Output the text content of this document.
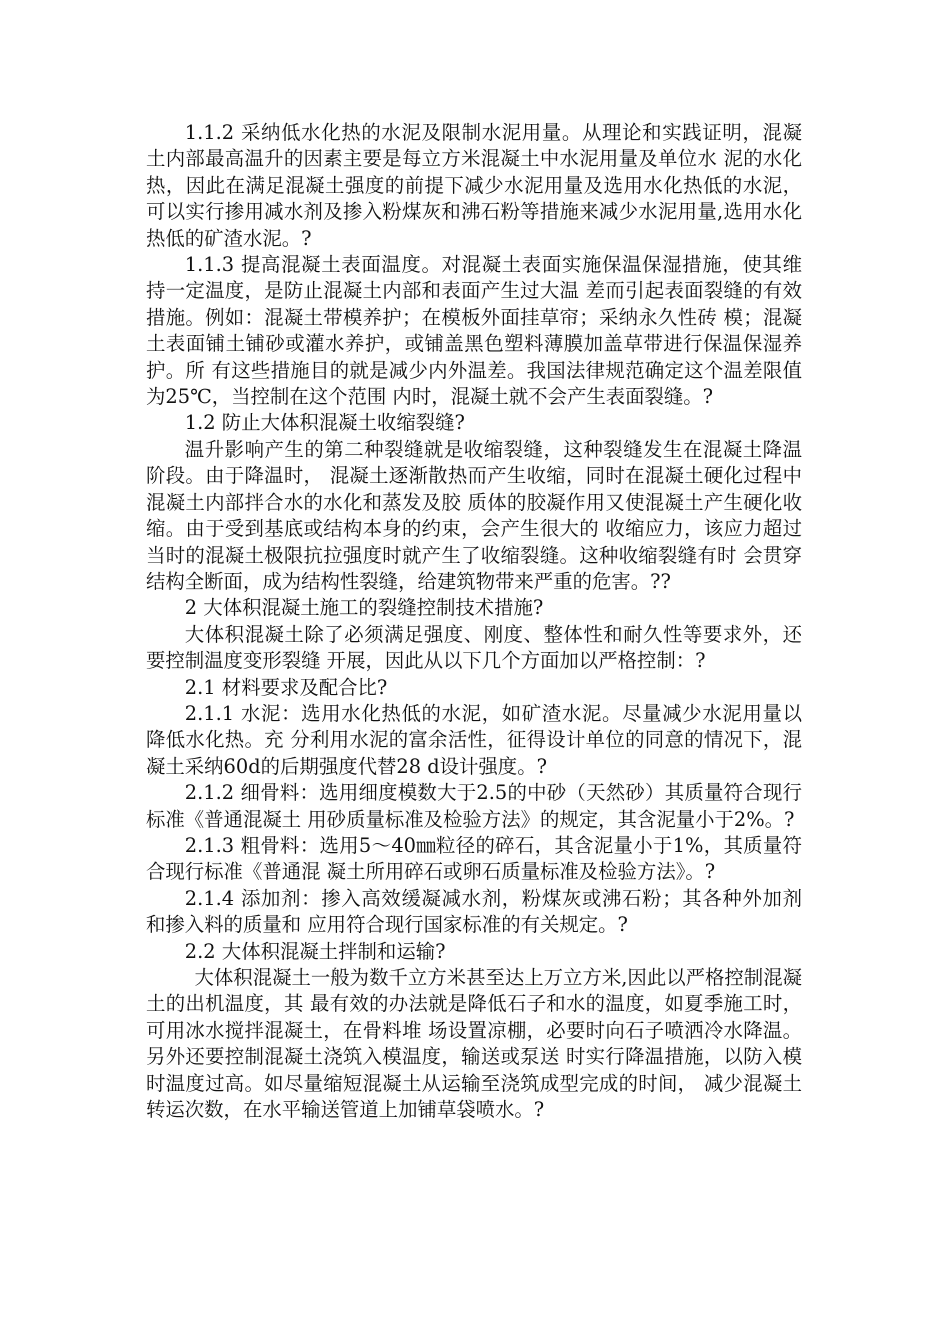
1.1.2 采纳低水化热的水泥及限制水泥用量。从理论和实践证明，混凝土内部最高温升的因素主要是每立方米混凝土中水泥用量及单位水 泥的水化热，因此在满足混凝土强度的前提下减少水泥用量及选用水化热低的水泥，可以实行掺用减水剂及掺入粉煤灰和沸石粉等措施来减少水泥用量,选用水化热低的矿渣水泥。?

1.1.3 提高混凝土表面温度。对混凝土表面实施保温保湿措施，使其维持一定温度，是防止混凝土内部和表面产生过大温 差而引起表面裂缝的有效措施。例如：混凝土带模养护；在模板外面挂草帘；采纳永久性砖 模；混凝土表面铺土铺砂或灌水养护，或铺盖黑色塑料薄膜加盖草带进行保温保湿养护。所 有这些措施目的就是减少内外温差。我国法律规范确定这个温差限值为25℃，当控制在这个范围 内时，混凝土就不会产生表面裂缝。?

1.2 防止大体积混凝土收缩裂缝?

温升影响产生的第二种裂缝就是收缩裂缝，这种裂缝发生在混凝土降温阶段。由于降温时， 混凝土逐渐散热而产生收缩，同时在混凝土硬化过程中混凝土内部拌合水的水化和蒸发及胶 质体的胶凝作用又使混凝土产生硬化收缩。由于受到基底或结构本身的约束，会产生很大的 收缩应力，该应力超过当时的混凝土极限抗拉强度时就产生了收缩裂缝。这种收缩裂缝有时 会贯穿结构全断面，成为结构性裂缝，给建筑物带来严重的危害。??

2 大体积混凝土施工的裂缝控制技术措施?

大体积混凝土除了必须满足强度、刚度、整体性和耐久性等要求外，还要控制温度变形裂缝 开展，因此从以下几个方面加以严格控制：?

2.1 材料要求及配合比?

2.1.1 水泥：选用水化热低的水泥，如矿渣水泥。尽量减少水泥用量以降低水化热。充 分利用水泥的富余活性，征得设计单位的同意的情况下，混凝土采纳60d的后期强度代替28 d设计强度。?

2.1.2 细骨料：选用细度模数大于2.5的中砂（天然砂）其质量符合现行标准《普通混凝土 用砂质量标准及检验方法》的规定，其含泥量小于2%。?

2.1.3 粗骨料：选用5～40㎜粒径的碎石，其含泥量小于1%，其质量符合现行标准《普通混 凝土所用碎石或卵石质量标准及检验方法》。?

2.1.4 添加剂：掺入高效缓凝减水剂，粉煤灰或沸石粉；其各种外加剂和掺入料的质量和 应用符合现行国家标准的有关规定。?

2.2 大体积混凝土拌制和运输?

大体积混凝土一般为数千立方米甚至达上万立方米,因此以严格控制混凝土的出机温度，其 最有效的办法就是降低石子和水的温度，如夏季施工时，可用冰水搅拌混凝土，在骨料堆 场设置凉棚，必要时向石子喷洒冷水降温。另外还要控制混凝土浇筑入模温度，输送或泵送 时实行降温措施，以防入模时温度过高。如尽量缩短混凝土从运输至浇筑成型完成的时间， 减少混凝土转运次数，在水平输送管道上加铺草袋喷水。?
